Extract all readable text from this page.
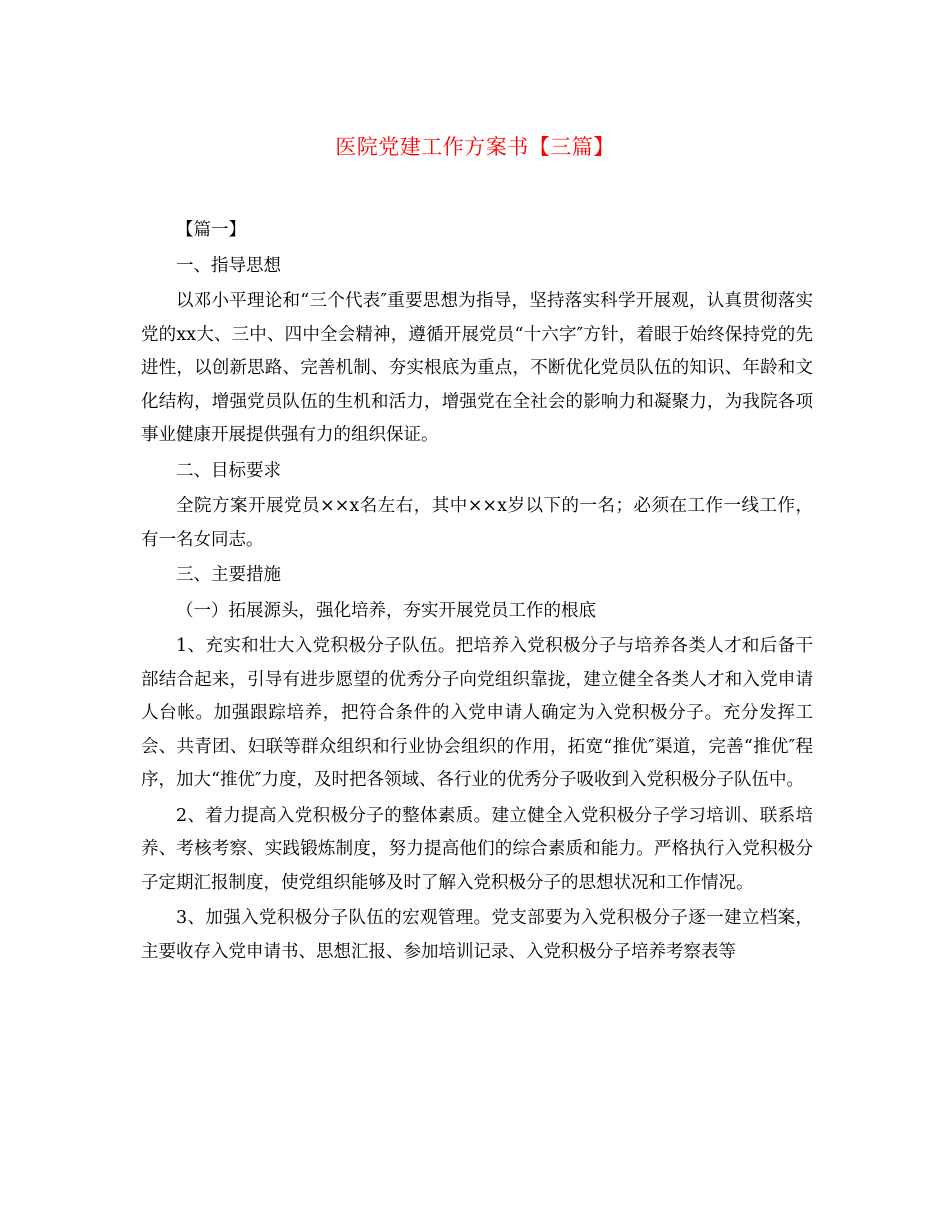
医院党建工作方案书【三篇】

【篇一】

一、指导思想

以邓小平理论和“三个代表″重要思想为指导，坚持落实科学开展观，认真贯彻落实党的xx大、三中、四中全会精神，遵循开展党员“十六字″方针，着眼于始终保持党的先进性，以创新思路、完善机制、夯实根底为重点，不断优化党员队伍的知识、年龄和文化结构，增强党员队伍的生机和活力，增强党在全社会的影响力和凝聚力，为我院各项事业健康开展提供强有力的组织保证。

二、目标要求

全院方案开展党员××x名左右，其中××x岁以下的一名；必须在工作一线工作，有一名女同志。

三、主要措施

（一）拓展源头，强化培养，夯实开展党员工作的根底

1、充实和壮大入党积极分子队伍。把培养入党积极分子与培养各类人才和后备干部结合起来，引导有进步愿望的优秀分子向党组织靠拢，建立健全各类人才和入党申请人台帐。加强跟踪培养，把符合条件的入党申请人确定为入党积极分子。充分发挥工会、共青团、妇联等群众组织和行业协会组织的作用，拓宽“推优″渠道，完善“推优″程序，加大“推优″力度，及时把各领域、各行业的优秀分子吸收到入党积极分子队伍中。

2、着力提高入党积极分子的整体素质。建立健全入党积极分子学习培训、联系培养、考核考察、实践锻炼制度，努力提高他们的综合素质和能力。严格执行入党积极分子定期汇报制度，使党组织能够及时了解入党积极分子的思想状况和工作情况。

3、加强入党积极分子队伍的宏观管理。党支部要为入党积极分子逐一建立档案，主要收存入党申请书、思想汇报、参加培训记录、入党积极分子培养考察表等
